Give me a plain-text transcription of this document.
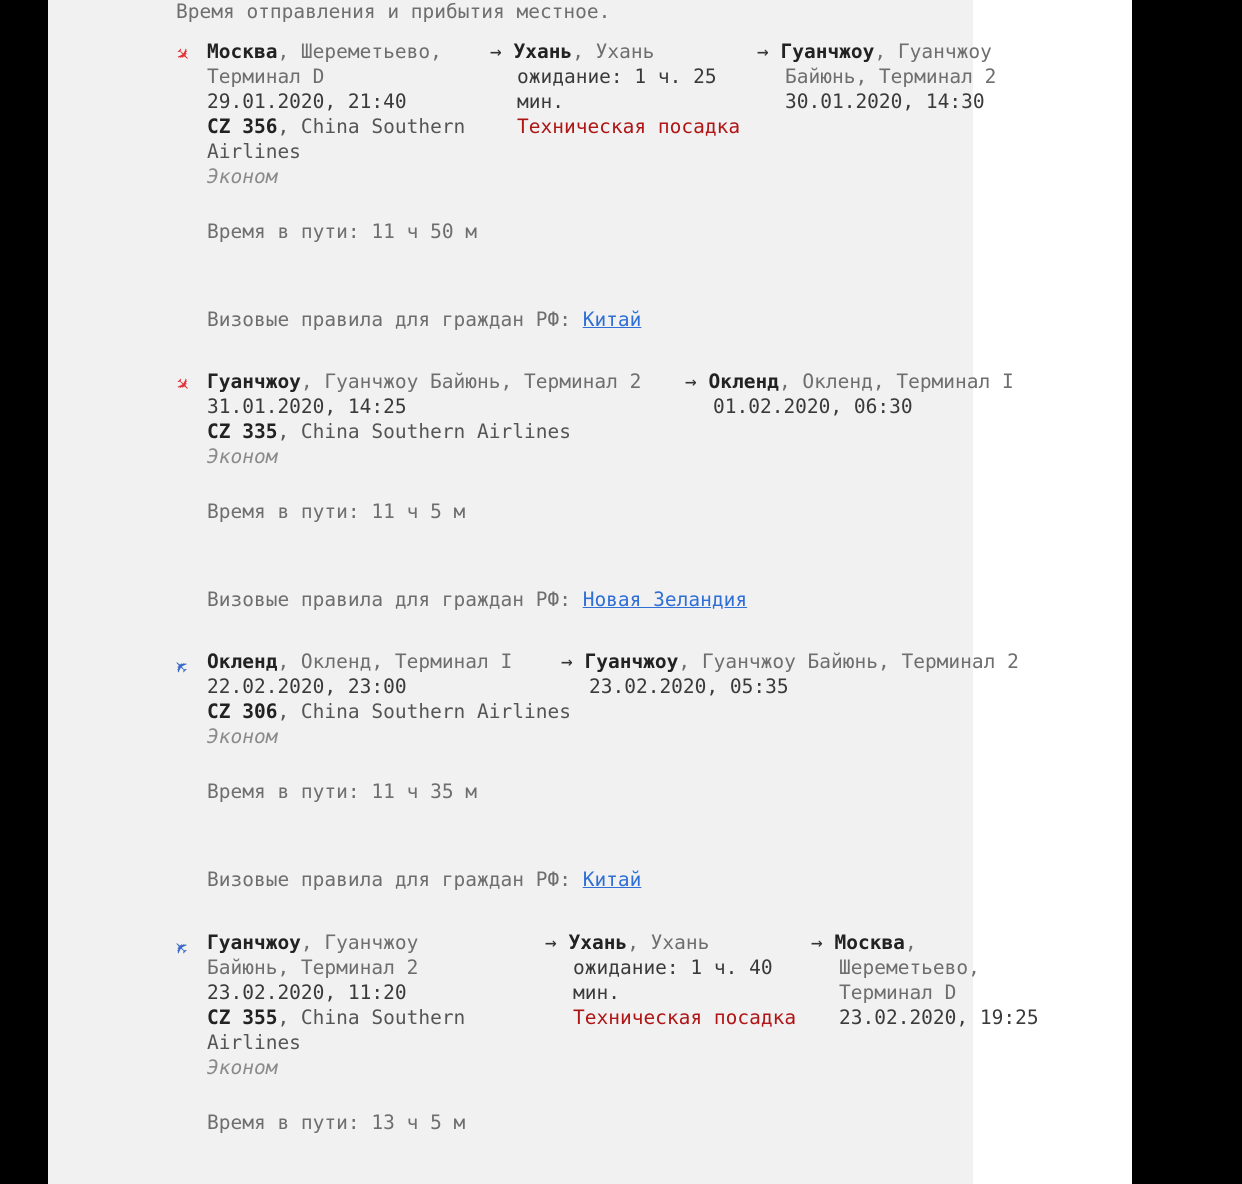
Время отправления и прибытия местное.
✈ Москва, Шереметьево,
Терминал D
29.01.2020, 21:40
CZ 356, China Southern
Airlines
Эконом
→ Ухань, Ухань
ожидание: 1 ч. 25
мин.
Техническая посадка
→ Гуанчжоу, Гуанчжоу
Байюнь, Терминал 2
30.01.2020, 14:30
Время в пути: 11 ч 50 м
Визовые правила для граждан РФ: Китай
✈ Гуанчжоу, Гуанчжоу Байюнь, Терминал 2
31.01.2020, 14:25
CZ 335, China Southern Airlines
Эконом
→ Окленд, Окленд, Терминал I
01.02.2020, 06:30
Время в пути: 11 ч 5 м
Визовые правила для граждан РФ: Новая Зеландия
✈ Окленд, Окленд, Терминал I
22.02.2020, 23:00
CZ 306, China Southern Airlines
Эконом
→ Гуанчжоу, Гуанчжоу Байюнь, Терминал 2
23.02.2020, 05:35
Время в пути: 11 ч 35 м
Визовые правила для граждан РФ: Китай
✈ Гуанчжоу, Гуанчжоу
Байюнь, Терминал 2
23.02.2020, 11:20
CZ 355, China Southern
Airlines
Эконом
→ Ухань, Ухань
ожидание: 1 ч. 40
мин.
Техническая посадка
→ Москва,
Шереметьево,
Терминал D
23.02.2020, 19:25
Время в пути: 13 ч 5 м
